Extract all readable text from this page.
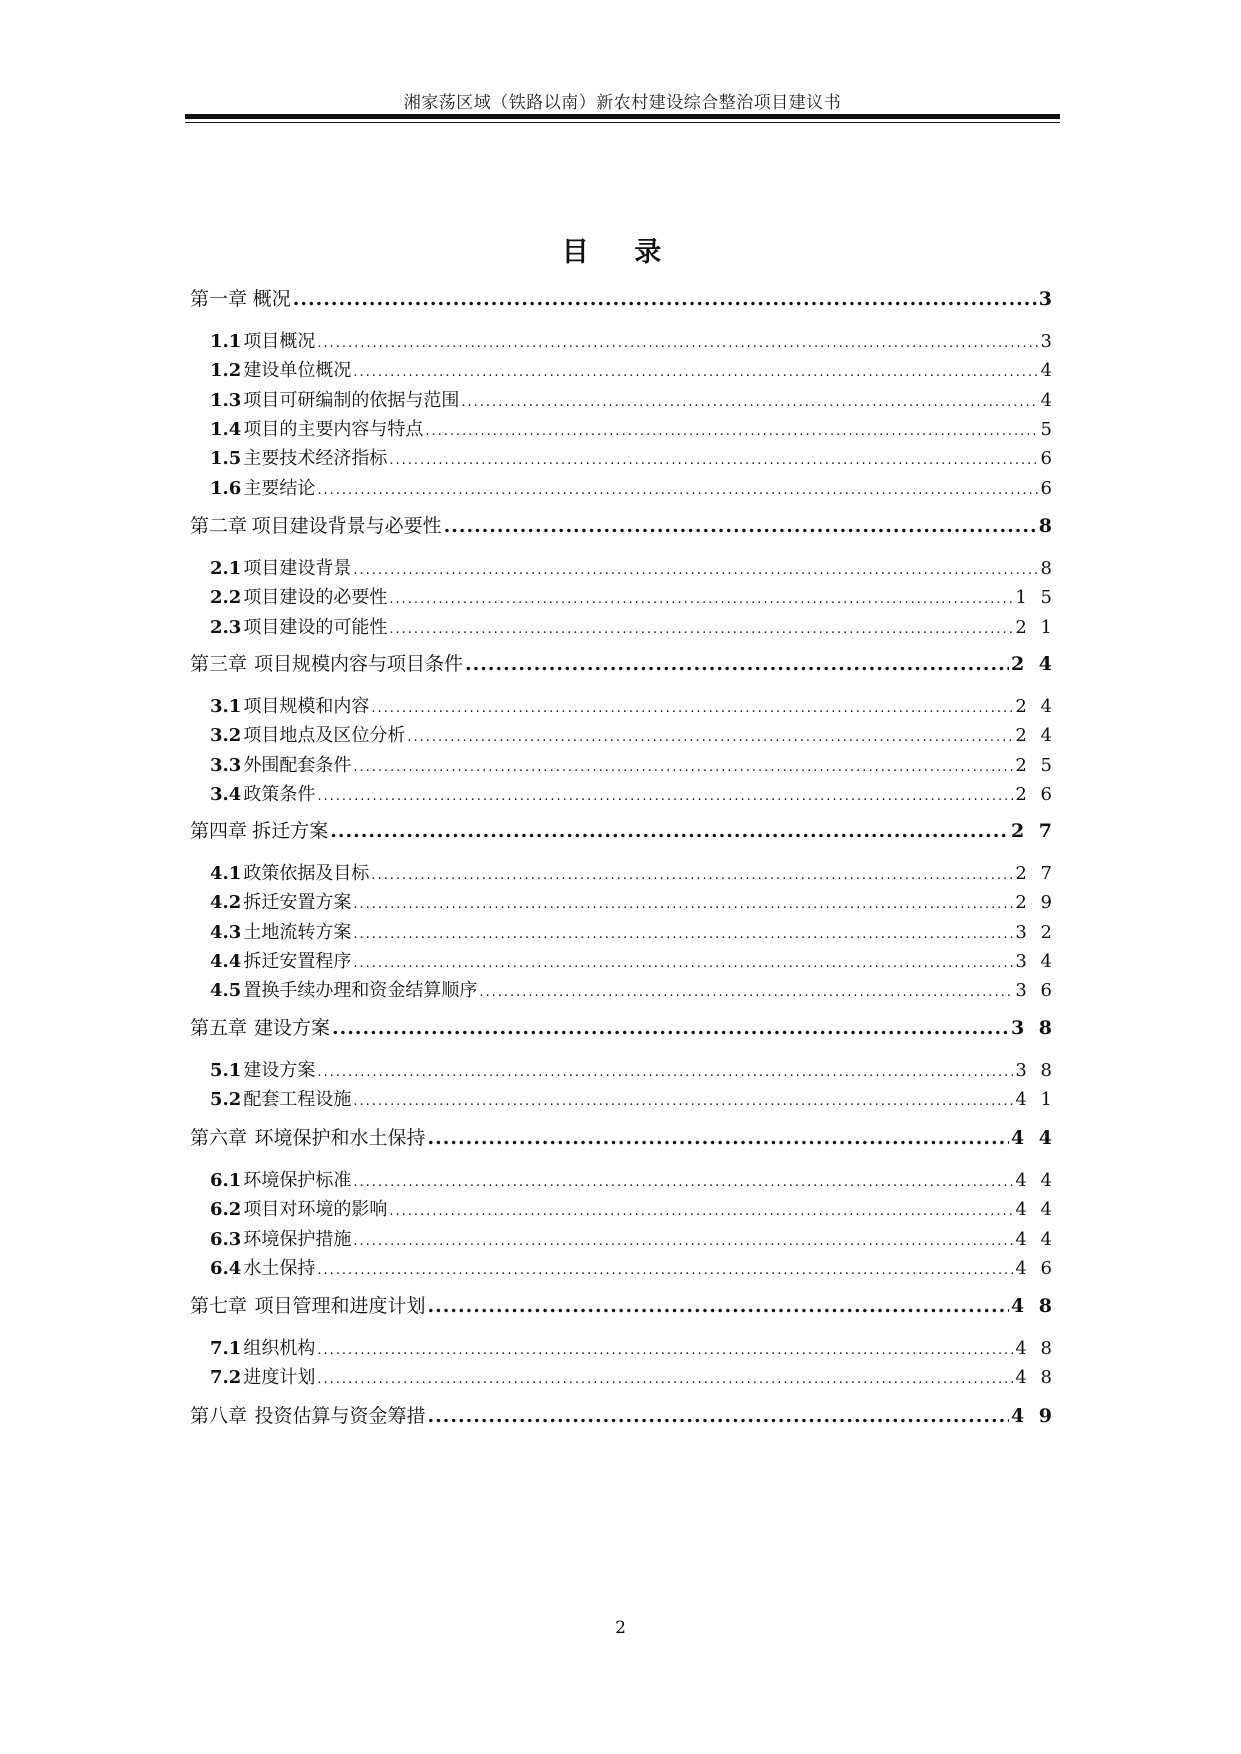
湘家荡区域（铁路以南）新农村建设综合整治项目建议书
目 录
第一章 概况 .....	3
1.1 项目概况 .....	3
1.2 建设单位概况 .....	4
1.3 项目可研编制的依据与范围 .....	4
1.4 项目的主要内容与特点 .....	5
1.5 主要技术经济指标 .....	6
1.6 主要结论 .....	6
第二章 项目建设背景与必要性 .....	8
2.1 项目建设背景 .....	8
2.2 项目建设的必要性 .....	1 5
2.3 项目建设的可能性 .....	2 1
第三章 项目规模内容与项目条件 .....	2 4
3.1 项目规模和内容 .....	2 4
3.2 项目地点及区位分析 .....	2 4
3.3 外围配套条件 .....	2 5
3.4 政策条件 .....	2 6
第四章 拆迁方案 .....	2 7
4.1 政策依据及目标 .....	2 7
4.2 拆迁安置方案 .....	2 9
4.3 土地流转方案 .....	3 2
4.4 拆迁安置程序 .....	3 4
4.5 置换手续办理和资金结算顺序 .....	3 6
第五章 建设方案 .....	3 8
5.1 建设方案 .....	3 8
5.2 配套工程设施 .....	4 1
第六章 环境保护和水土保持 .....	4 4
6.1 环境保护标准 .....	4 4
6.2 项目对环境的影响 .....	4 4
6.3 环境保护措施 .....	4 4
6.4 水土保持 .....	4 6
第七章 项目管理和进度计划 .....	4 8
7.1 组织机构 .....	4 8
7.2 进度计划 .....	4 8
第八章 投资估算与资金筹措 .....	4 9
2
